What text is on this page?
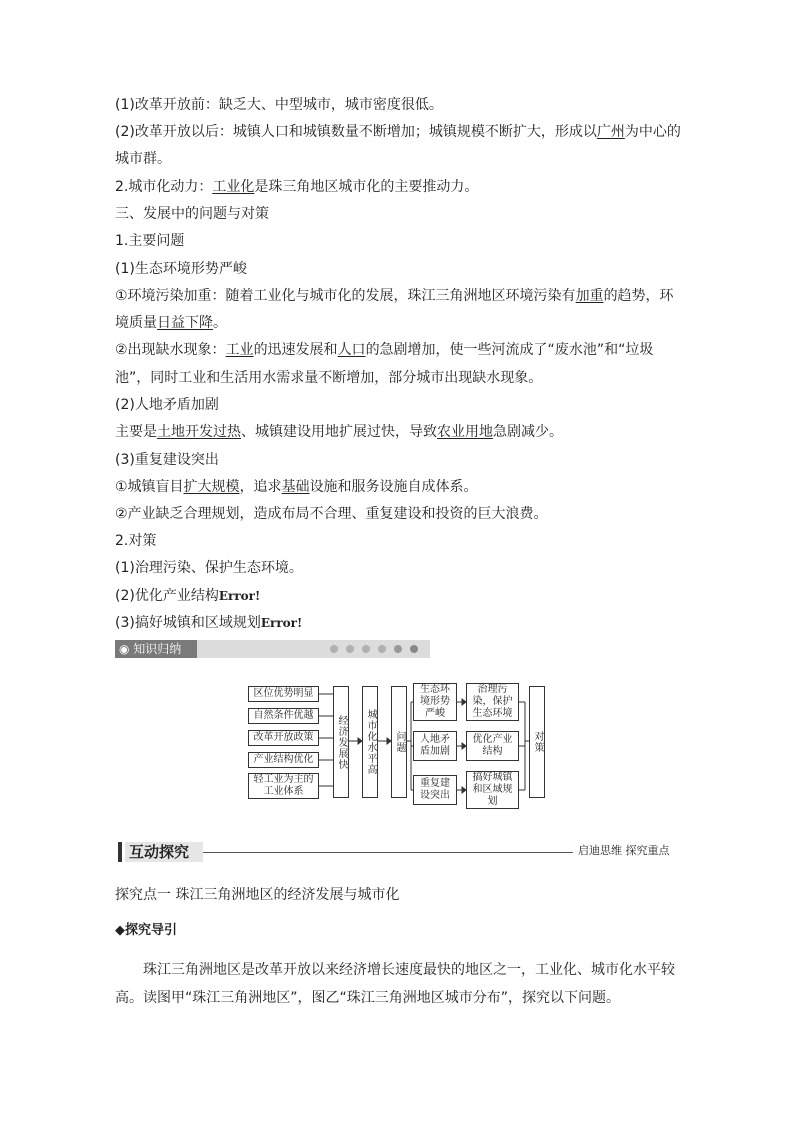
(1)改革开放前：缺乏大、中型城市，城市密度很低。
(2)改革开放以后：城镇人口和城镇数量不断增加；城镇规模不断扩大，形成以广州为中心的
城市群。
2.城市化动力：工业化是珠三角地区城市化的主要推动力。
三、发展中的问题与对策
1.主要问题
(1)生态环境形势严峻
①环境污染加重：随着工业化与城市化的发展，珠江三角洲地区环境污染有加重的趋势，环
境质量日益下降。
②出现缺水现象：工业的迅速发展和人口的急剧增加，使一些河流成了“废水池”和“垃圾
池”，同时工业和生活用水需求量不断增加，部分城市出现缺水现象。
(2)人地矛盾加剧
主要是土地开发过热、城镇建设用地扩展过快，导致农业用地急剧减少。
(3)重复建设突出
①城镇盲目扩大规模，追求基础设施和服务设施自成体系。
②产业缺乏合理规划，造成布局不合理、重复建设和投资的巨大浪费。
2.对策
(1)治理污染、保护生态环境。
(2)优化产业结构Error!
(3)搞好城镇和区域规划Error!
◉ 知识归纳
区位优势明显
自然条件优越
改革开放政策
产业结构优化
轻工业为主的工业体系
经济发展快	城市化水平高	问题
生态环境形势严峻
人地矛盾加剧
重复建设突出
治理污染，保护生态环境
优化产业结构
搞好城镇和区域规划
对策
互动探究	启迪思维 探究重点
探究点一 珠江三角洲地区的经济发展与城市化
◆探究导引
珠江三角洲地区是改革开放以来经济增长速度最快的地区之一，工业化、城市化水平较高。读图甲“珠江三角洲地区”，图乙“珠江三角洲地区城市分布”，探究以下问题。
